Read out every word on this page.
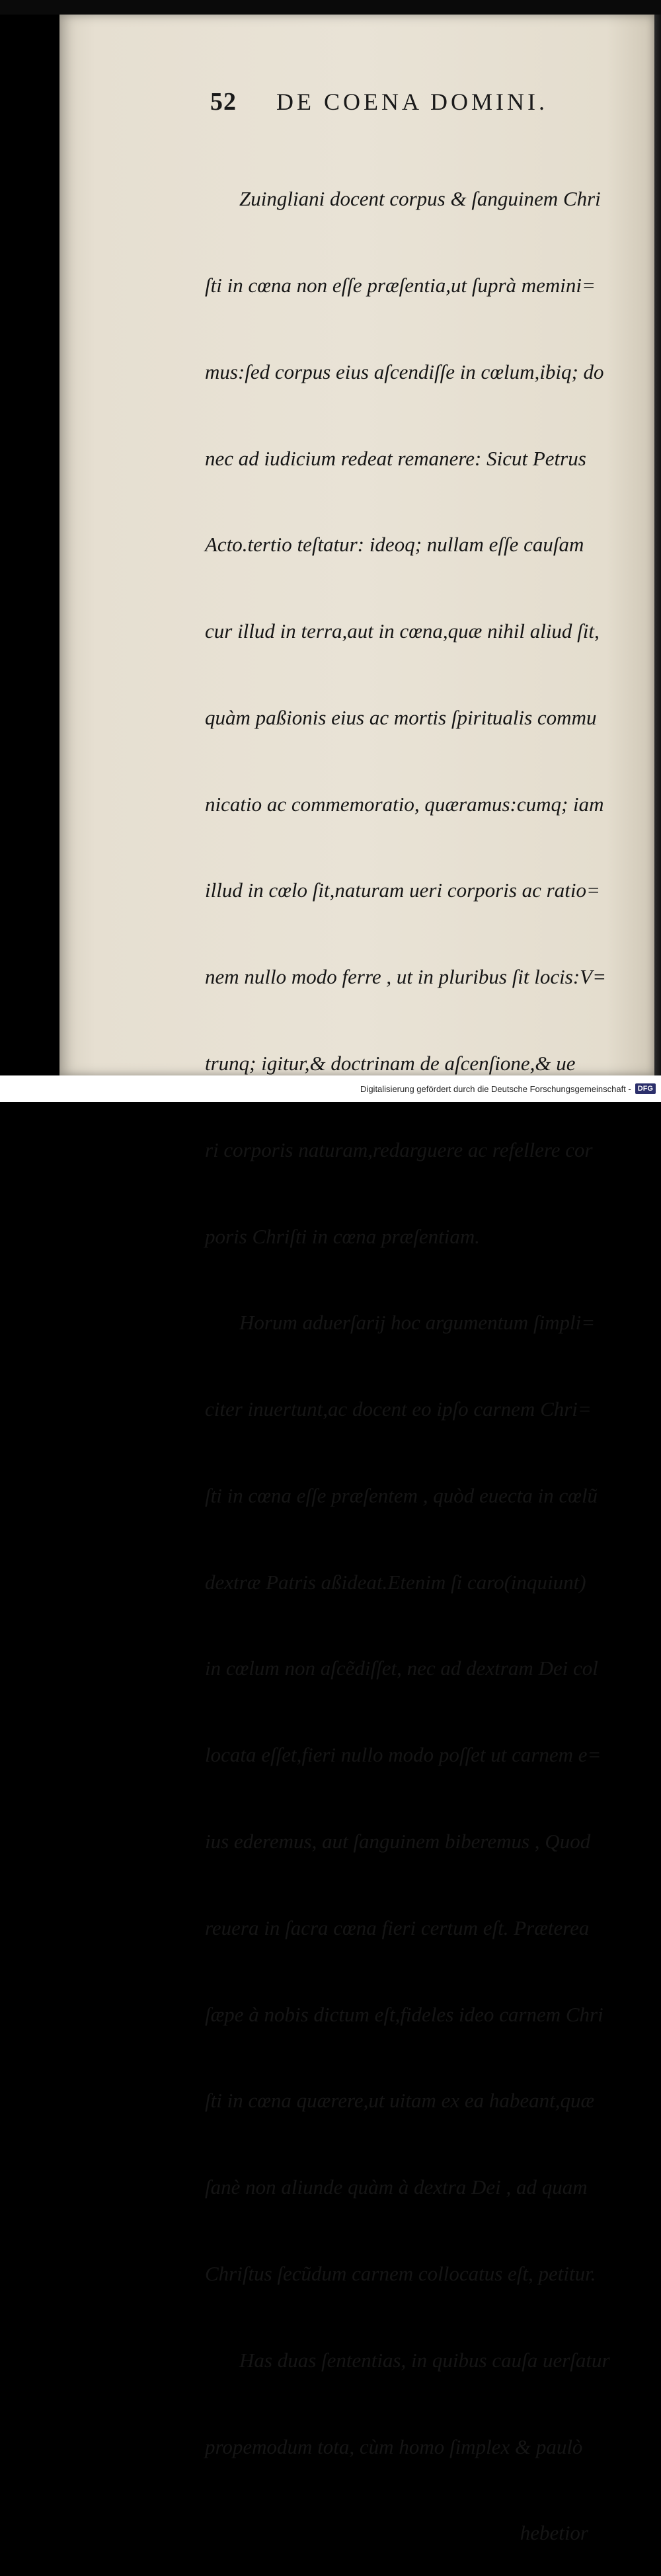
52 DE COENA DOMINI.

Zuingliani docent corpus & ſanguinem Chri

ſti in cœna non eſſe præſentia,ut ſuprà memini=

mus:ſed corpus eius aſcendiſſe in cœlum,ibiq; do

nec ad iudicium redeat remanere: Sicut Petrus

Acto.tertio teſtatur: ideoq; nullam eſſe cauſam

cur illud in terra,aut in cœna,quæ nihil aliud ſit,

quàm paßionis eius ac mortis ſpiritualis commu

nicatio ac commemoratio, quæramus:cumq; iam

illud in cœlo ſit,naturam ueri corporis ac ratio=

nem nullo modo ferre , ut in pluribus ſit locis:V=

trunq; igitur,& doctrinam de aſcenſione,& ue

ri corporis naturam,redarguere ac refellere cor

poris Chriſti in cœna præſentiam.

Horum aduerſarij hoc argumentum ſimpli=

citer inuertunt,ac docent eo ipſo carnem Chri=

ſti in cœna eſſe præſentem , quòd euecta in cœlũ

dextræ Patris aßideat.Etenim ſi caro(inquiunt)

in cœlum non aſcẽdiſſet, nec ad dextram Dei col

locata eſſet,fieri nullo modo poſſet ut carnem e=

ius ederemus, aut ſanguinem biberemus , Quod

reuera in ſacra cœna fieri certum eſt. Præterea

ſæpe à nobis dictum eſt,fideles ideo carnem Chri

ſti in cœna quærere,ut uitam ex ea habeant,quæ

ſanè non aliunde quàm à dextra Dei , ad quam

Chriſtus ſecũdum carnem collocatus eſt, petitur.

Has duas ſententias, in quibus cauſa uerſatur

propemodum tota, cùm homo ſimplex & paulò

hebetior

Digitalisierung gefördert durch die Deutsche Forschungsgemeinschaft - DFG
